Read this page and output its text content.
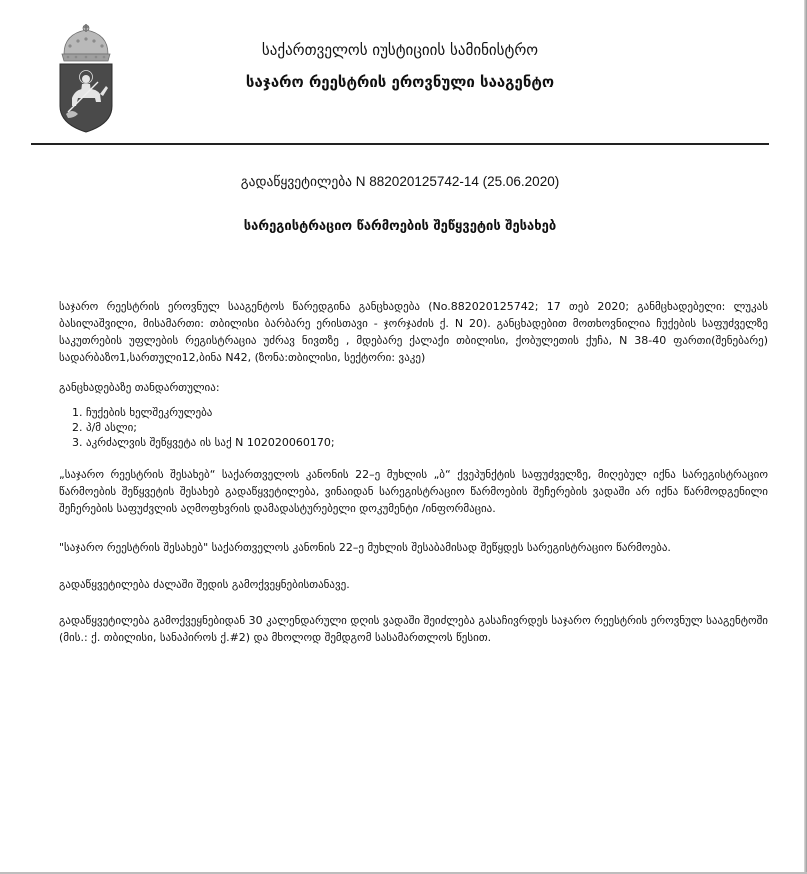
საქართველოს იუსტიციის სამინისტრო
საჯარო რეესტრის ეროვნული სააგენტო
გადაწყვეტილება N 882020125742-14 (25.06.2020)
სარეგისტრაციო წარმოების შეწყვეტის შესახებ

საჯარო რეესტრის ეროვნულ სააგენტოს წარედგინა განცხადება (No.882020125742; 17 თებ 2020; განმცხადებელი: ლუკას ბასილაშვილი, მისამართი: თბილისი ბარბარე ერისთავი - ჯორჯაძის ქ. N 20). განცხადებით მოთხოვნილია ჩუქების საფუძველზე საკუთრების უფლების რეგისტრაცია უძრავ ნივთზე , მდებარე ქალაქი თბილისი, ქობულეთის ქუჩა, N 38-40 ფართი(შენებარე) სადარბაზო1,სართული12,ბინა N42, (ზონა:თბილისი, სექტორი: ვაკე)

განცხადებაზე თანდართულია:

1. ჩუქების ხელშეკრულება
2. პ/მ ასლი;
3. აკრძალვის შეწყვეტა ის საქ N 102020060170;

„საჯარო რეესტრის შესახებ“ საქართველოს კანონის 22–ე მუხლის „ბ“ ქვეპუნქტის საფუძველზე, მიღებულ იქნა სარეგისტრაციო წარმოების შეწყვეტის შესახებ გადაწყვეტილება, ვინაიდან სარეგისტრაციო წარმოების შეჩერების ვადაში არ იქნა წარმოდგენილი შეჩერების საფუძვლის აღმოფხვრის დამადასტურებელი დოკუმენტი /ინფორმაცია.

"საჯარო რეესტრის შესახებ" საქართველოს კანონის 22–ე მუხლის შესაბამისად შეწყდეს სარეგისტრაციო წარმოება.

გადაწყვეტილება ძალაში შედის გამოქვეყნებისთანავე.

გადაწყვეტილება გამოქვეყნებიდან 30 კალენდარული დღის ვადაში შეიძლება გასაჩივრდეს საჯარო რეესტრის ეროვნულ სააგენტოში (მის.: ქ. თბილისი, სანაპიროს ქ.#2) და მხოლოდ შემდგომ სასამართლოს წესით.
